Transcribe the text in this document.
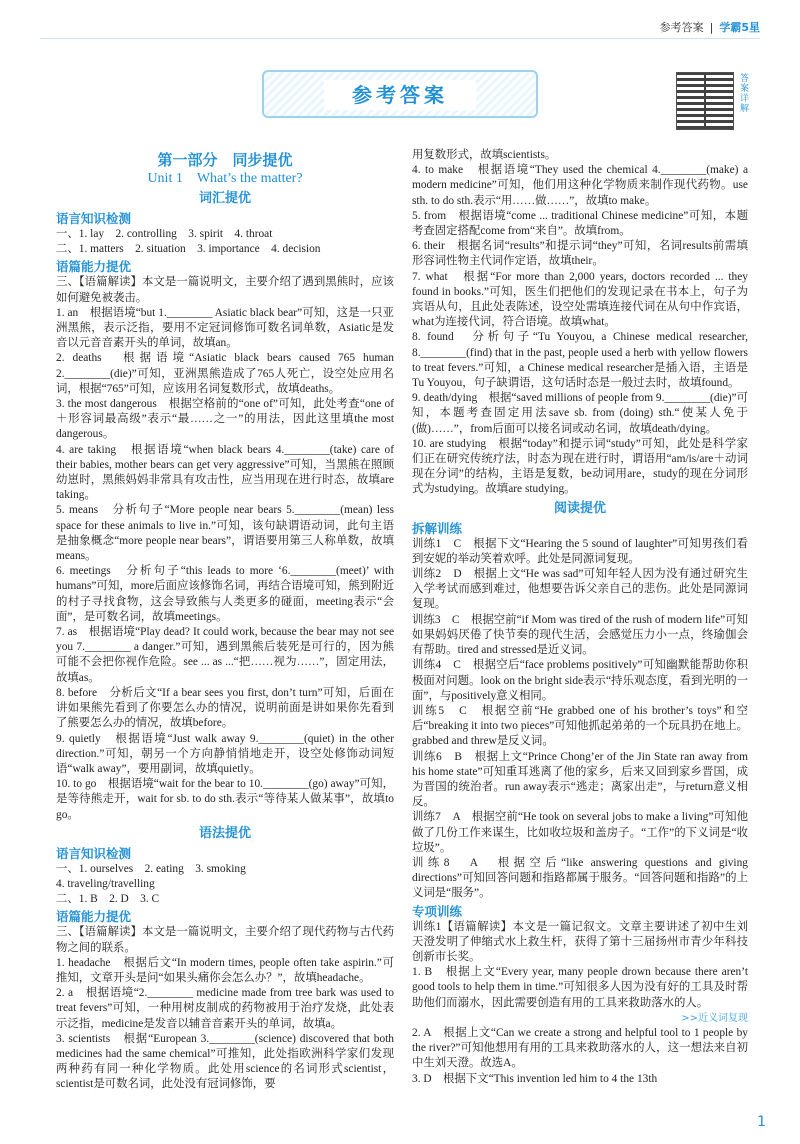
参考答案 | 学霸5星
参考答案
答案详解
第一部分　同步提优
Unit 1　What’s the matter?
词汇提优
语言知识检测
一、1. lay　2. controlling　3. spirit　4. throat
二、1. matters　2. situation　3. importance　4. decision
语篇能力提优
三、【语篇解读】本文是一篇说明文，主要介绍了遇到黑熊时，应该如何避免被袭击。
1. an　根据语境“but 1.________ Asiatic black bear”可知，这是一只亚洲黑熊，表示泛指，要用不定冠词修饰可数名词单数，Asiatic是发音以元音音素开头的单词，故填an。
2. deaths　根据语境“Asiatic black bears caused 765 human 2.________(die)”可知，亚洲黑熊造成了765人死亡，设空处应用名词，根据“765”可知，应该用名词复数形式，故填deaths。
3. the most dangerous　根据空格前的“one of”可知，此处考查“one of＋形容词最高级”表示“最……之一”的用法，因此这里填the most dangerous。
4. are taking　根据语境“when black bears 4.________(take) care of their babies, mother bears can get very aggressive”可知，当黑熊在照顾幼崽时，黑熊妈妈非常具有攻击性，应当用现在进行时态，故填are taking。
5. means　分析句子“More people near bears 5.________(mean) less space for these animals to live in.”可知，该句缺谓语动词，此句主语是抽象概念“more people near bears”，谓语要用第三人称单数，故填means。
6. meetings　分析句子“this leads to more ‘6.________(meet)’ with humans”可知，more后面应该修饰名词，再结合语境可知，熊到附近的村子寻找食物，这会导致熊与人类更多的碰面，meeting表示“会面”，是可数名词，故填meetings。
7. as　根据语境“Play dead? It could work, because the bear may not see you 7.________ a danger.”可知，遇到黑熊后装死是可行的，因为熊可能不会把你视作危险。see ... as ...“把……视为……”，固定用法，故填as。
8. before　分析后文“If a bear sees you first, don’t turn”可知，后面在讲如果熊先看到了你要怎么办的情况，说明前面是讲如果你先看到了熊要怎么办的情况，故填before。
9. quietly　根据语境“Just walk away 9.________(quiet) in the other direction.”可知，朝另一个方向静悄悄地走开，设空处修饰动词短语“walk away”，要用副词，故填quietly。
10. to go　根据语境“wait for the bear to 10.________(go) away”可知，是等待熊走开，wait for sb. to do sth.表示“等待某人做某事”，故填to go。
语法提优
语言知识检测
一、1. ourselves　2. eating　3. smoking
4. traveling/travelling
二、1. B　2. D　3. C
语篇能力提优
三、【语篇解读】本文是一篇说明文，主要介绍了现代药物与古代药物之间的联系。
1. headache　根据后文“In modern times, people often take aspirin.”可推知，文章开头是问“如果头痛你会怎么办？”，故填headache。
2. a　根据语境“2.________ medicine made from tree bark was used to treat fevers”可知，一种用树皮制成的药物被用于治疗发烧，此处表示泛指，medicine是发音以辅音音素开头的单词，故填a。
3. scientists　根据“European 3.________(science) discovered that both medicines had the same chemical”可推知，此处指欧洲科学家们发现两种药有同一种化学物质。此处用science的名词形式scientist，scientist是可数名词，此处没有冠词修饰，要
用复数形式，故填scientists。
4. to make　根据语境“They used the chemical 4.________(make) a modern medicine”可知，他们用这种化学物质来制作现代药物。use sth. to do sth.表示“用……做……”，故填to make。
5. from　根据语境“come ... traditional Chinese medicine”可知，本题考查固定搭配come from“来自”。故填from。
6. their　根据名词“results”和提示词“they”可知，名词results前需填形容词性物主代词作定语，故填their。
7. what　根据“For more than 2,000 years, doctors recorded ... they found in books.”可知，医生们把他们的发现记录在书本上，句子为宾语从句，且此处表陈述，设空处需填连接代词在从句中作宾语，what为连接代词，符合语境。故填what。
8. found　分析句子“Tu Youyou, a Chinese medical researcher, 8.________(find) that in the past, people used a herb with yellow flowers to treat fevers.”可知，a Chinese medical researcher是插入语，主语是Tu Youyou，句子缺谓语，这句话时态是一般过去时，故填found。
9. death/dying　根据“saved millions of people from 9.________(die)”可知，本题考查固定用法save sb. from (doing) sth.“使某人免于(做)……”，from后面可以接名词或动名词，故填death/dying。
10. are studying　根据“today”和提示词“study”可知，此处是科学家们正在研究传统疗法，时态为现在进行时，谓语用“am/is/are＋动词现在分词”的结构，主语是复数，be动词用are，study的现在分词形式为studying。故填are studying。
阅读提优
拆解训练
训练1　C　根据下文“Hearing the 5 sound of laughter”可知男孩们看到安妮的举动笑着欢呼。此处是同源词复现。
训练2　D　根据上文“He was sad”可知年轻人因为没有通过研究生入学考试而感到难过，他想要告诉父亲自己的悲伤。此处是同源词复现。
训练3　C　根据空前“if Mom was tired of the rush of modern life”可知如果妈妈厌倦了快节奏的现代生活，会感觉压力小一点，终瑜伽会有帮助。tired and stressed是近义词。
训练4　C　根据空后“face problems positively”可知幽默能帮助你积极面对问题。look on the bright side表示“持乐观态度，看到光明的一面”，与positively意义相同。
训练5　C　根据空前“He grabbed one of his brother’s toys”和空后“breaking it into two pieces”可知他抓起弟弟的一个玩具扔在地上。grabbed and threw是反义词。
训练6　B　根据上文“Prince Chong’er of the Jin State ran away from his home state”可知重耳逃离了他的家乡，后来又回到家乡晋国，成为晋国的统治者。run away表示“逃走；离家出走”，与return意义相反。
训练7　A　根据空前“He took on several jobs to make a living”可知他做了几份工作来谋生，比如收垃圾和盖房子。“工作”的下义词是“收垃圾”。
训练8　A　根据空后“like answering questions and giving directions”可知回答问题和指路都属于服务。“回答问题和指路”的上义词是“服务”。
专项训练
训练1【语篇解读】本文是一篇记叙文。文章主要讲述了初中生刘天澄发明了伸缩式水上救生杆，获得了第十三届扬州市青少年科技创新市长奖。
1. B　根据上文“Every year, many people drown because there aren’t good tools to help them in time.”可知很多人因为没有好的工具及时帮助他们而溺水，因此需要创造有用的工具来救助落水的人。
>>近义词复现
2. A　根据上文“Can we create a strong and helpful tool to 1 people by the river?”可知他想用有用的工具来救助落水的人，这一想法来自初中生刘天澄。故选A。
3. D　根据下文“This invention led him to 4 the 13th
1
